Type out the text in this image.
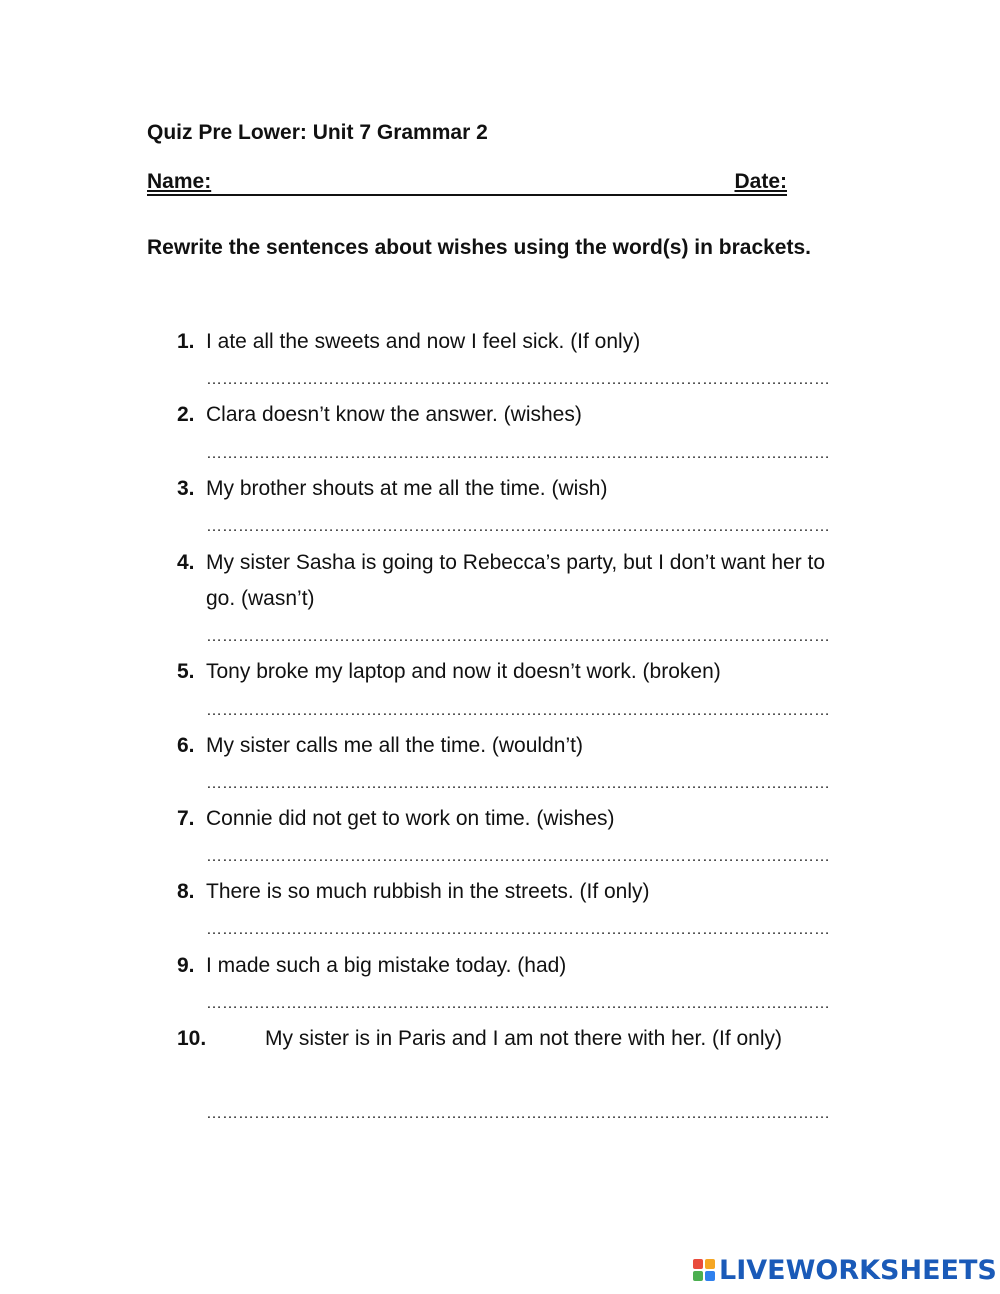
Quiz Pre Lower: Unit 7 Grammar 2
Name:	Date:
Rewrite the sentences about wishes using the word(s) in brackets.
1. I ate all the sweets and now I feel sick. (If only)
………………………………………………………………………………………………………
2. Clara doesn’t know the answer. (wishes)
………………………………………………………………………………………………………
3. My brother shouts at me all the time. (wish)
………………………………………………………………………………………………………
4. My sister Sasha is going to Rebecca’s party, but I don’t want her to go. (wasn’t)
………………………………………………………………………………………………………
5. Tony broke my laptop and now it doesn’t work. (broken)
………………………………………………………………………………………………………
6. My sister calls me all the time. (wouldn’t)
………………………………………………………………………………………………………
7. Connie did not get to work on time. (wishes)
………………………………………………………………………………………………………
8. There is so much rubbish in the streets. (If only)
………………………………………………………………………………………………………
9. I made such a big mistake today. (had)
………………………………………………………………………………………………………
10.	My sister is in Paris and I am not there with her. (If only)
………………………………………………………………………………………………………
LIVEWORKSHEETS
